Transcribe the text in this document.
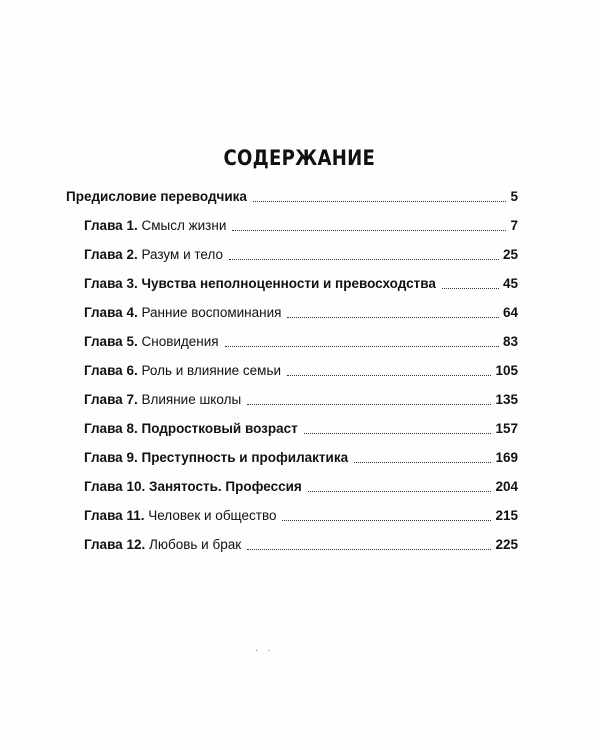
СОДЕРЖАНИЕ
Предисловие переводчика	5
Глава 1. Смысл жизни	7
Глава 2. Разум и тело	25
Глава 3. Чувства неполноценности и превосходства	45
Глава 4. Ранние воспоминания	64
Глава 5. Сновидения	83
Глава 6. Роль и влияние семьи	105
Глава 7. Влияние школы	135
Глава 8. Подростковый возраст	157
Глава 9. Преступность и профилактика	169
Глава 10. Занятость. Профессия	204
Глава 11. Человек и общество	215
Глава 12. Любовь и брак	225
· ·
